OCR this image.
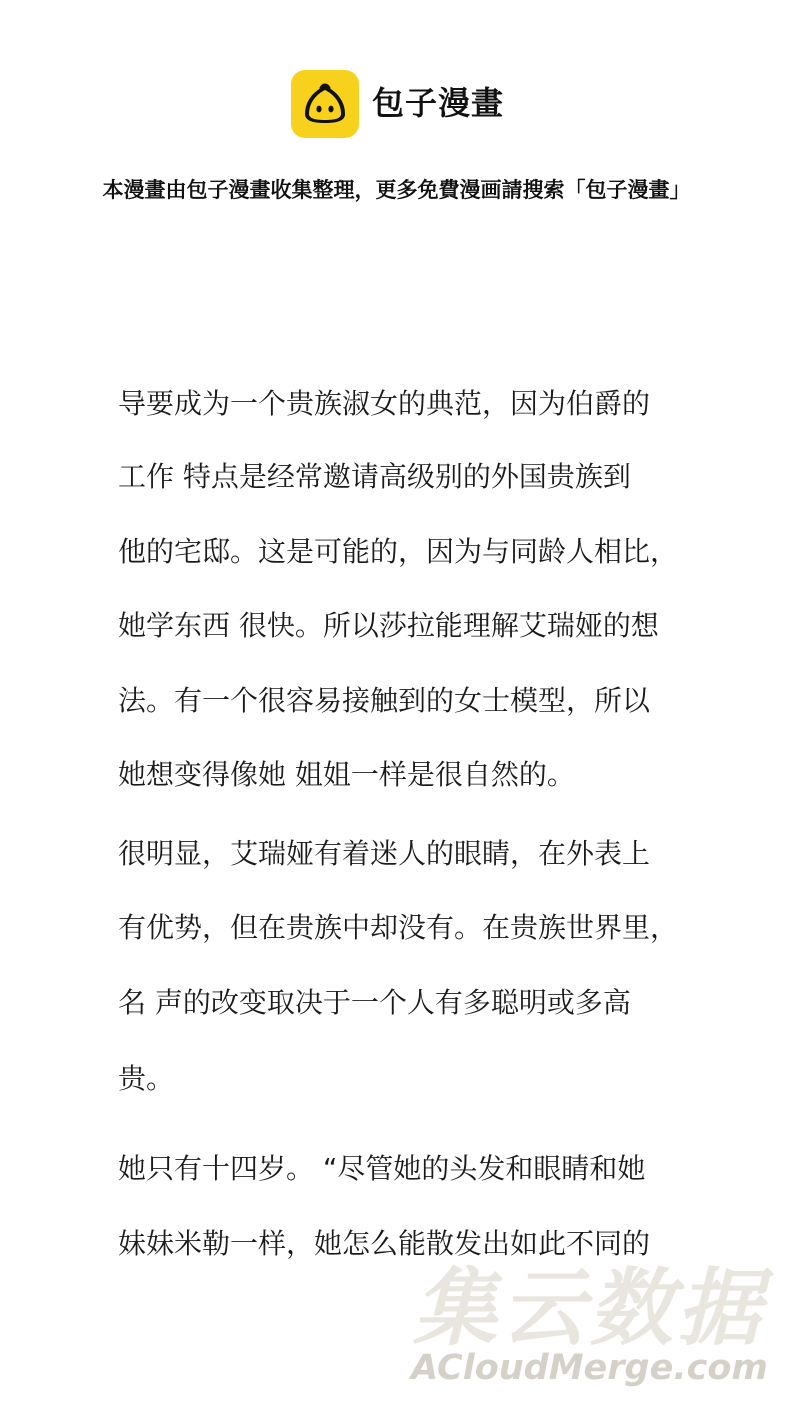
包子漫畫
本漫畫由包子漫畫收集整理，更多免費漫画請搜索「包子漫畫」
导要成为一个贵族淑女的典范，因为伯爵的
工作 特点是经常邀请高级别的外国贵族到
他的宅邸。这是可能的，因为与同龄人相比，
她学东西 很快。所以莎拉能理解艾瑞娅的想
法。有一个很容易接触到的女士模型，所以
她想变得像她 姐姐一样是很自然的。
很明显，艾瑞娅有着迷人的眼睛，在外表上
有优势，但在贵族中却没有。在贵族世界里，
名 声的改变取决于一个人有多聪明或多高
贵。
她只有十四岁。 “尽管她的头发和眼睛和她
妹妹米勒一样，她怎么能散发出如此不同的
集云数据
ACloudMerge.com
